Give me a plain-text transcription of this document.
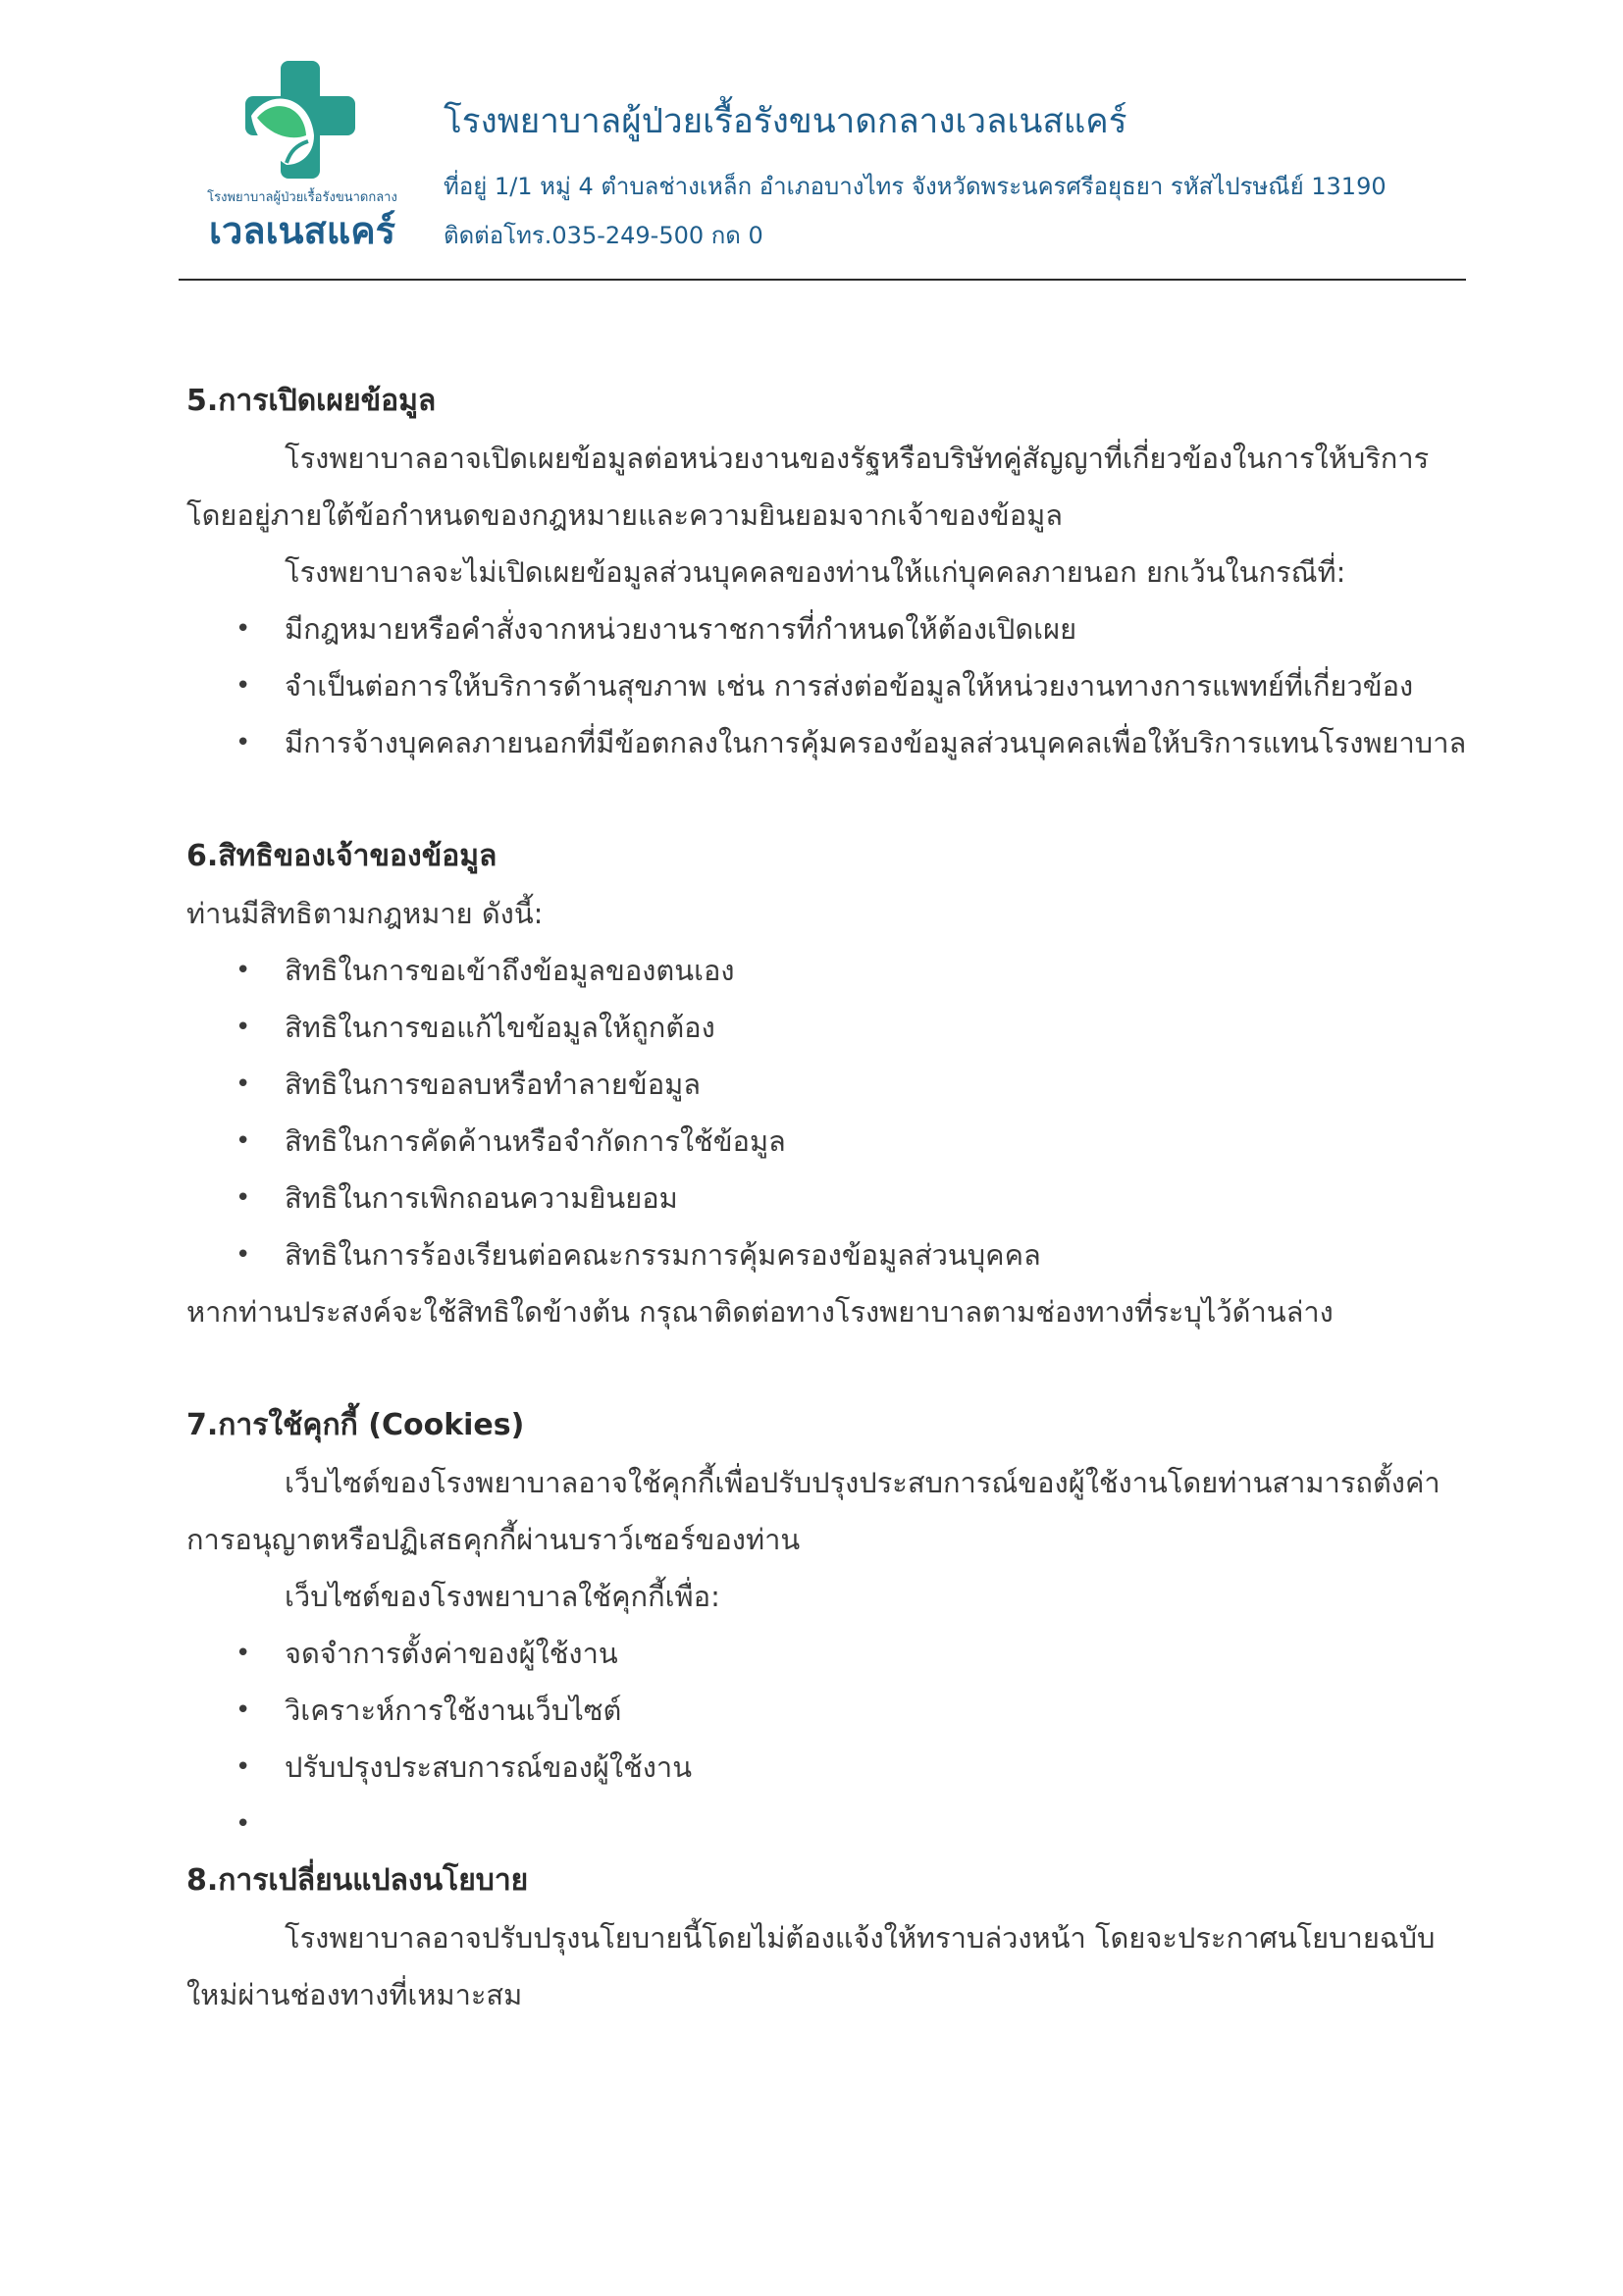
โรงพยาบาลผู้ป่วยเรื้อรังขนาดกลาง
เวลเนสแคร์
โรงพยาบาลผู้ป่วยเรื้อรังขนาดกลางเวลเนสแคร์
ที่อยู่ 1/1 หมู่ 4 ตำบลช่างเหล็ก อำเภอบางไทร จังหวัดพระนครศรีอยุธยา รหัสไปรษณีย์ 13190
ติดต่อโทร.035-249-500 กด 0
5.การเปิดเผยข้อมูล

โรงพยาบาลอาจเปิดเผยข้อมูลต่อหน่วยงานของรัฐหรือบริษัทคู่สัญญาที่เกี่ยวข้องในการให้บริการโดยอยู่ภายใต้ข้อกำหนดของกฎหมายและความยินยอมจากเจ้าของข้อมูล

โรงพยาบาลจะไม่เปิดเผยข้อมูลส่วนบุคคลของท่านให้แก่บุคคลภายนอก ยกเว้นในกรณีที่:

• มีกฎหมายหรือคำสั่งจากหน่วยงานราชการที่กำหนดให้ต้องเปิดเผย
• จำเป็นต่อการให้บริการด้านสุขภาพ เช่น การส่งต่อข้อมูลให้หน่วยงานทางการแพทย์ที่เกี่ยวข้อง
• มีการจ้างบุคคลภายนอกที่มีข้อตกลงในการคุ้มครองข้อมูลส่วนบุคคลเพื่อให้บริการแทนโรงพยาบาล
6.สิทธิของเจ้าของข้อมูล

ท่านมีสิทธิตามกฎหมาย ดังนี้:

• สิทธิในการขอเข้าถึงข้อมูลของตนเอง
• สิทธิในการขอแก้ไขข้อมูลให้ถูกต้อง
• สิทธิในการขอลบหรือทำลายข้อมูล
• สิทธิในการคัดค้านหรือจำกัดการใช้ข้อมูล
• สิทธิในการเพิกถอนความยินยอม
• สิทธิในการร้องเรียนต่อคณะกรรมการคุ้มครองข้อมูลส่วนบุคคล

หากท่านประสงค์จะใช้สิทธิใดข้างต้น กรุณาติดต่อทางโรงพยาบาลตามช่องทางที่ระบุไว้ด้านล่าง

7.การใช้คุกกี้ (Cookies)

เว็บไซต์ของโรงพยาบาลอาจใช้คุกกี้เพื่อปรับปรุงประสบการณ์ของผู้ใช้งานโดยท่านสามารถตั้งค่าการอนุญาตหรือปฏิเสธคุกกี้ผ่านบราว์เซอร์ของท่าน

เว็บไซต์ของโรงพยาบาลใช้คุกกี้เพื่อ:

• จดจำการตั้งค่าของผู้ใช้งาน
• วิเคราะห์การใช้งานเว็บไซต์
• ปรับปรุงประสบการณ์ของผู้ใช้งาน
•
8.การเปลี่ยนแปลงนโยบาย

โรงพยาบาลอาจปรับปรุงนโยบายนี้โดยไม่ต้องแจ้งให้ทราบล่วงหน้า โดยจะประกาศนโยบายฉบับใหม่ผ่านช่องทางที่เหมาะสม
